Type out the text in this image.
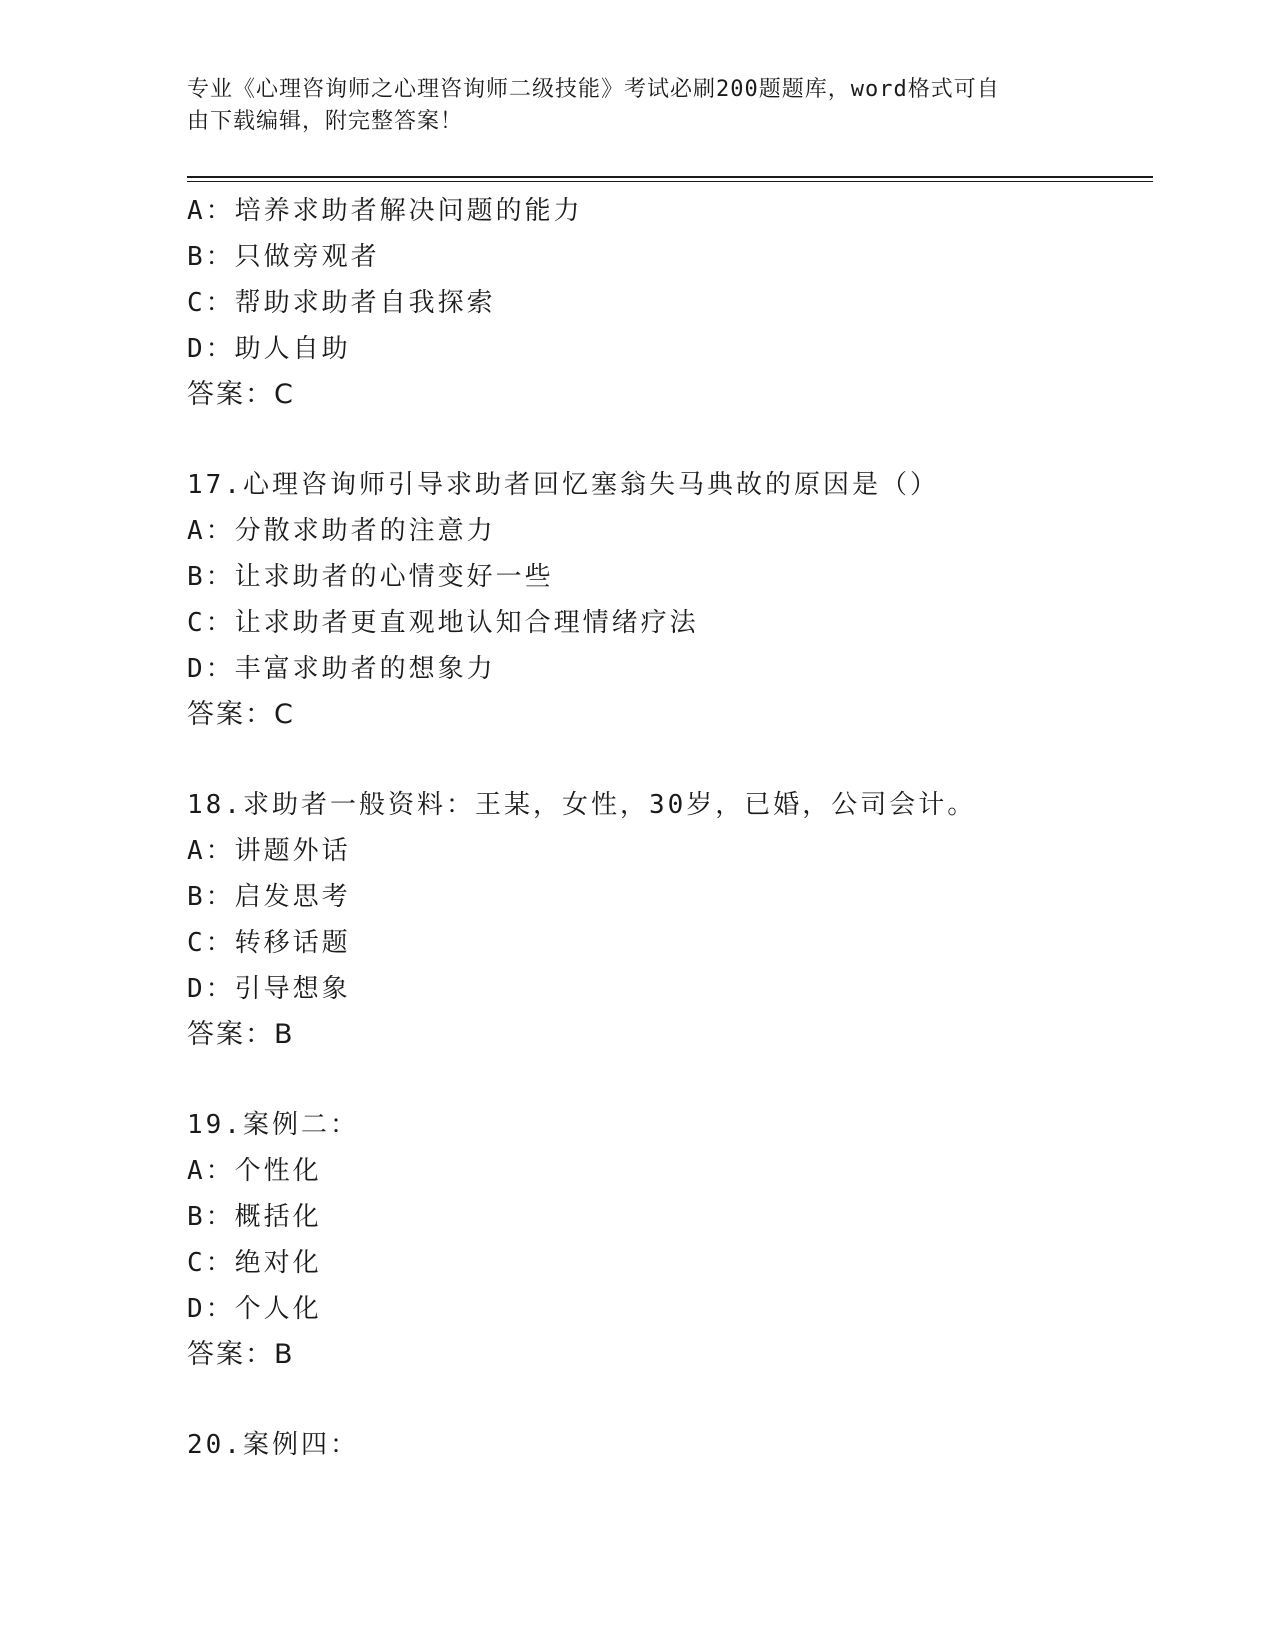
专业《心理咨询师之心理咨询师二级技能》考试必刷200题题库，word格式可自
由下载编辑，附完整答案！
A：培养求助者解决问题的能力
B：只做旁观者
C：帮助求助者自我探索
D：助人自助
答案：C
17.心理咨询师引导求助者回忆塞翁失马典故的原因是（）
A：分散求助者的注意力
B：让求助者的心情变好一些
C：让求助者更直观地认知合理情绪疗法
D：丰富求助者的想象力
答案：C
18.求助者一般资料：王某，女性，30岁，已婚，公司会计。
A：讲题外话
B：启发思考
C：转移话题
D：引导想象
答案：B
19.案例二：
A：个性化
B：概括化
C：绝对化
D：个人化
答案：B
20.案例四：
